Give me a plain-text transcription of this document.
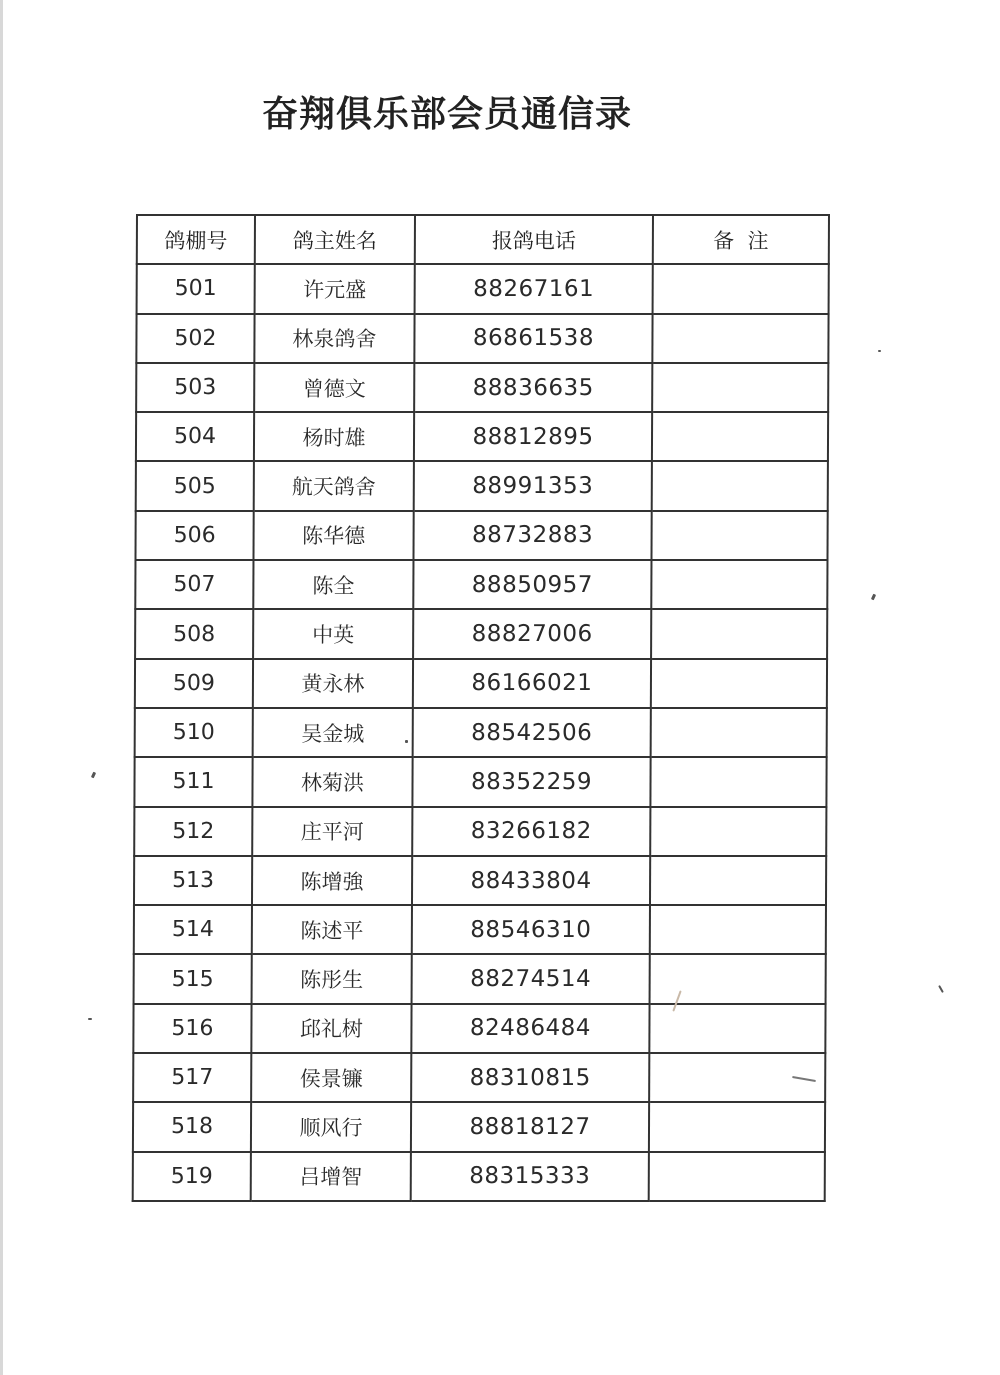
奋翔俱乐部会员通信录
鸽棚号	鸽主姓名	报鸽电话	备  注
501	许元盛	88267161	
502	林泉鸽舍	86861538	
503	曾德文	88836635	
504	杨时雄	88812895	
505	航天鸽舍	88991353	
506	陈华德	88732883	
507	陈全	88850957	
508	中英	88827006	
509	黄永林	86166021	
510	吴金城	88542506	
511	林菊洪	88352259	
512	庄平河	83266182	
513	陈增強	88433804	
514	陈述平	88546310	
515	陈彤生	88274514	
516	邱礼树	82486484	
517	侯景镰	88310815	
518	顺风行	88818127	
519	吕增智	88315333	
